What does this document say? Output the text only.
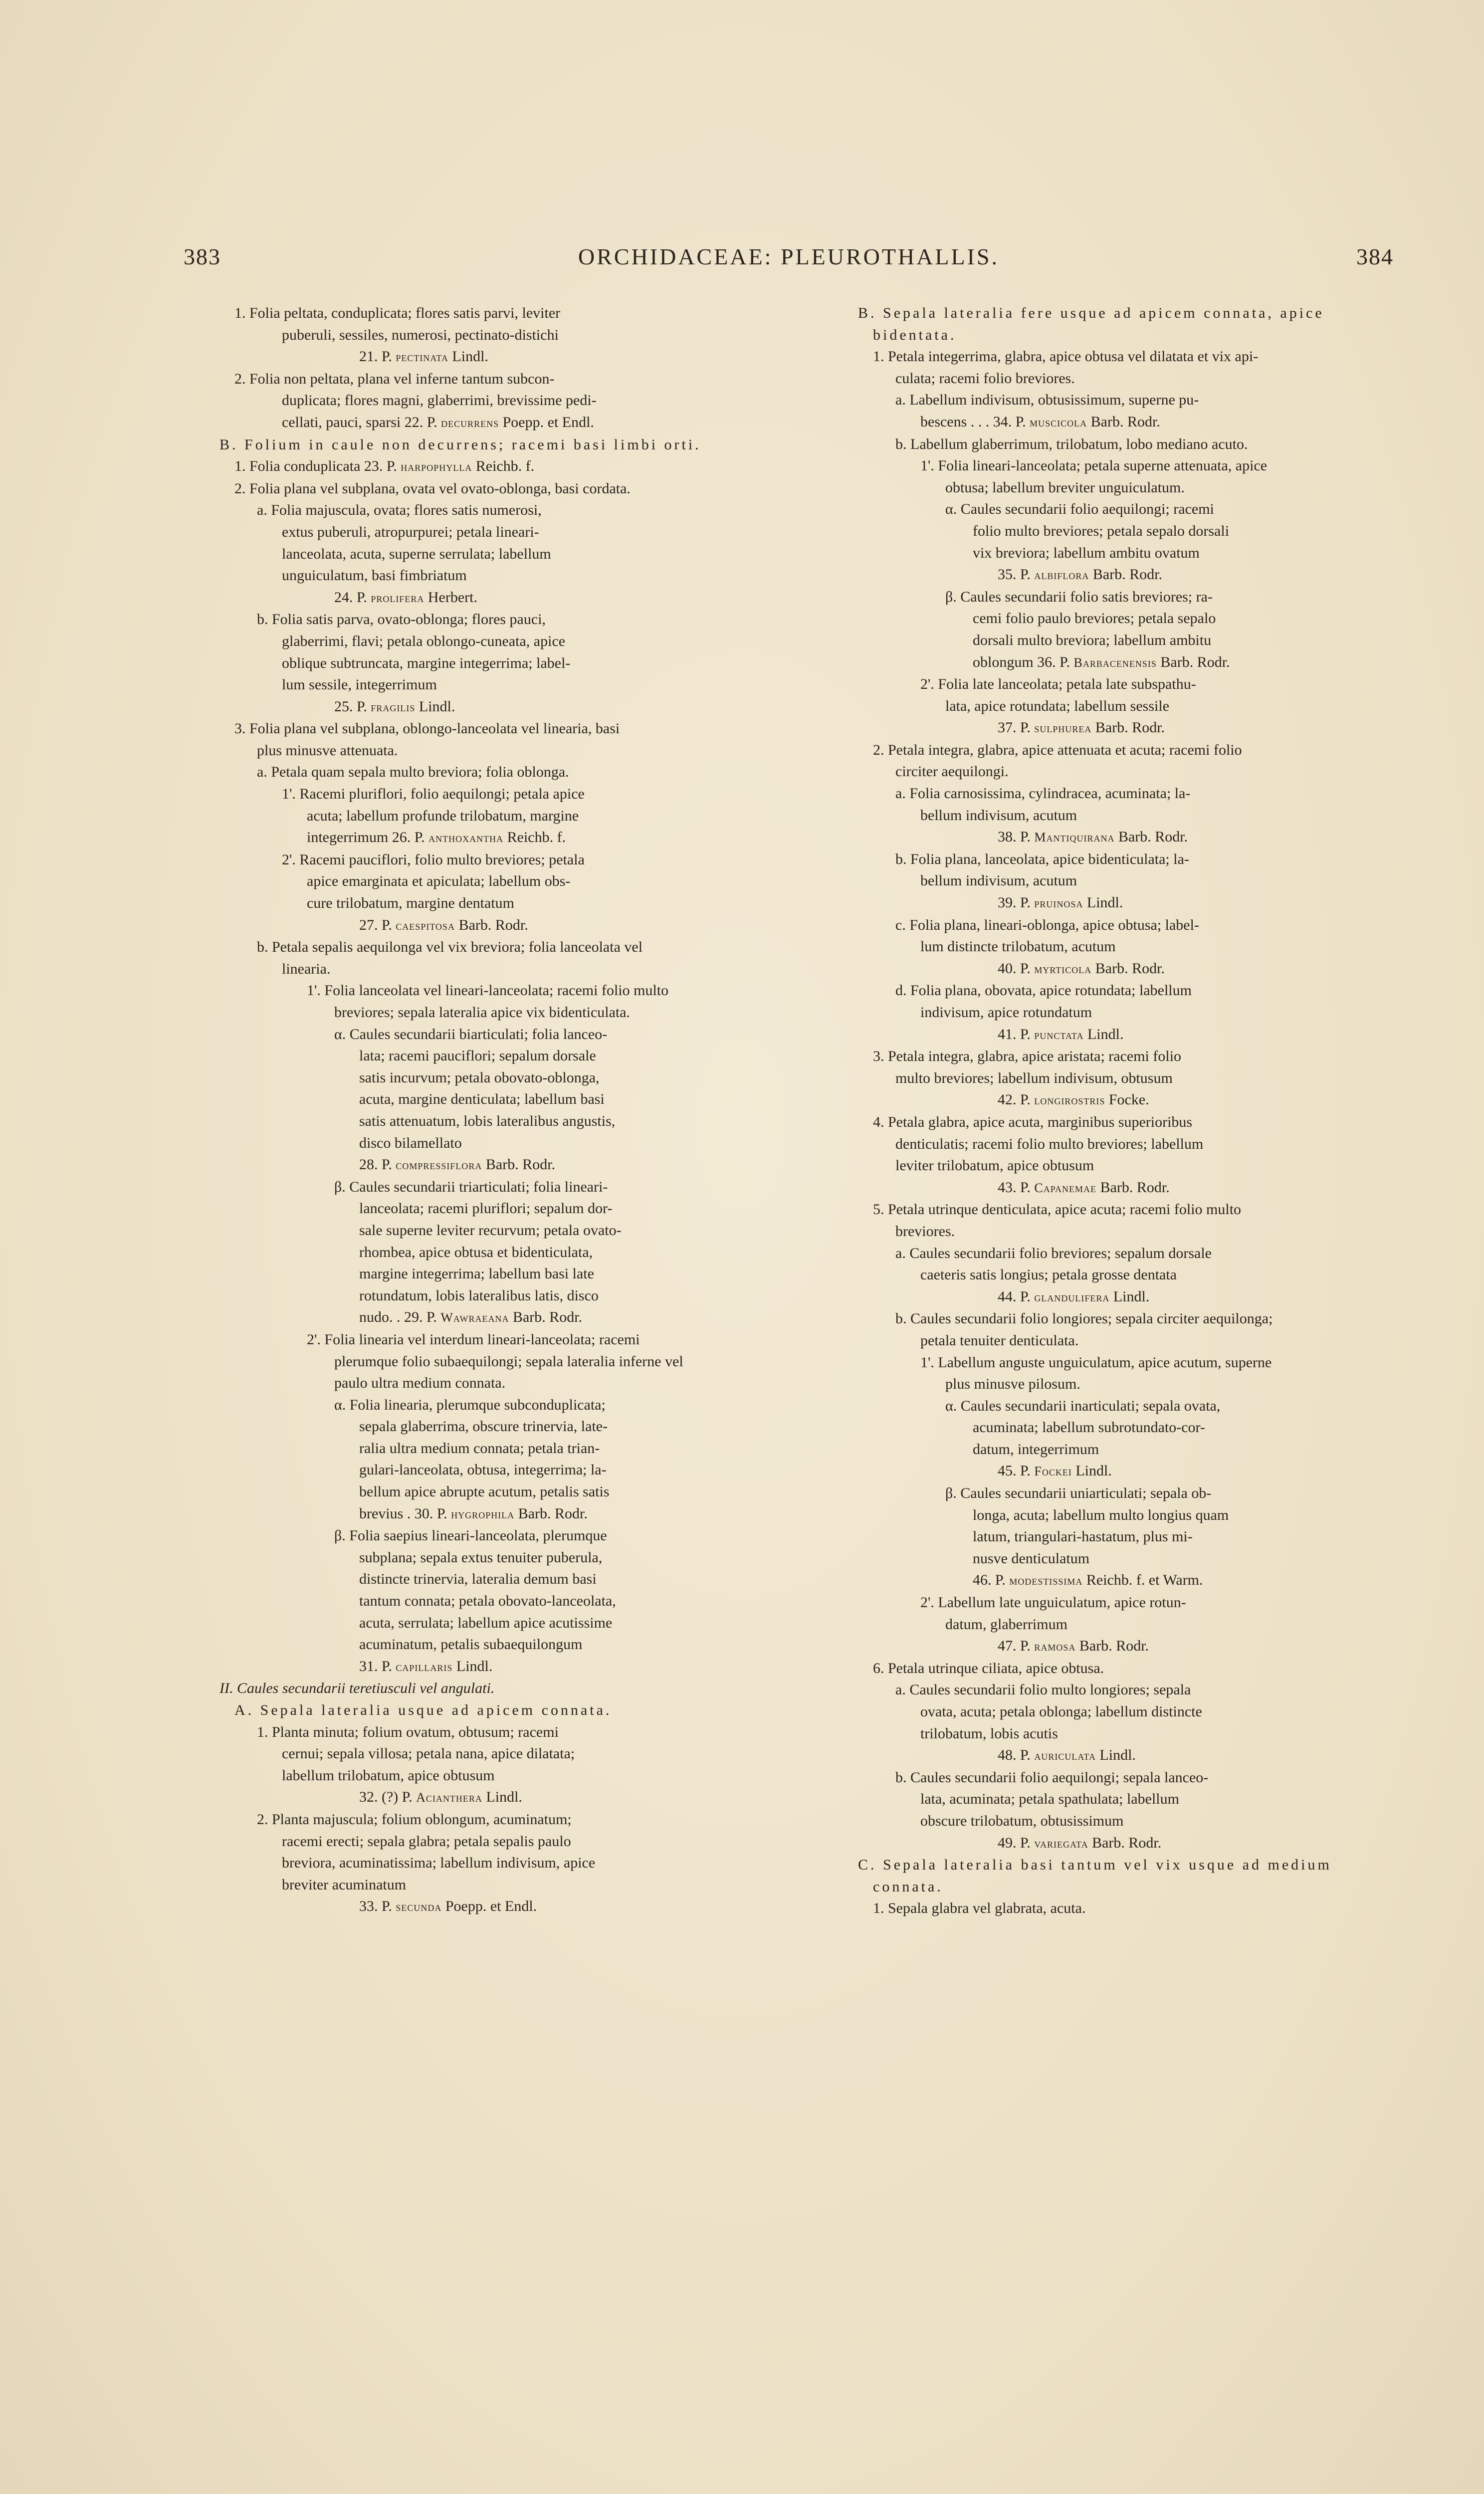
383	ORCHIDACEAE: PLEUROTHALLIS.	384
1. Folia peltata, conduplicata; flores satis parvi, leviter
puberuli, sessiles, numerosi, pectinato-distichi
21. P. pectinata Lindl.
2. Folia non peltata, plana vel inferne tantum subcon-
duplicata; flores magni, glaberrimi, brevissime pedi-
cellati, pauci, sparsi 22. P. decurrens Poepp. et Endl.
B. Folium in caule non decurrens; racemi basi limbi orti.
1. Folia conduplicata 23. P. harpophylla Reichb. f.
2. Folia plana vel subplana, ovata vel ovato-oblonga, basi cordata.
a. Folia majuscula, ovata; flores satis numerosi,
extus puberuli, atropurpurei; petala lineari-
lanceolata, acuta, superne serrulata; labellum
unguiculatum, basi fimbriatum
24. P. prolifera Herbert.
b. Folia satis parva, ovato-oblonga; flores pauci,
glaberrimi, flavi; petala oblongo-cuneata, apice
oblique subtruncata, margine integerrima; label-
lum sessile, integerrimum
25. P. fragilis Lindl.
3. Folia plana vel subplana, oblongo-lanceolata vel linearia, basi
plus minusve attenuata.
a. Petala quam sepala multo breviora; folia oblonga.
1'. Racemi pluriflori, folio aequilongi; petala apice
acuta; labellum profunde trilobatum, margine
integerrimum 26. P. anthoxantha Reichb. f.
2'. Racemi pauciflori, folio multo breviores; petala
apice emarginata et apiculata; labellum obs-
cure trilobatum, margine dentatum
27. P. caespitosa Barb. Rodr.
b. Petala sepalis aequilonga vel vix breviora; folia lanceolata vel
linearia.
1'. Folia lanceolata vel lineari-lanceolata; racemi folio multo
breviores; sepala lateralia apice vix bidenticulata.
α. Caules secundarii biarticulati; folia lanceo-
lata; racemi pauciflori; sepalum dorsale
satis incurvum; petala obovato-oblonga,
acuta, margine denticulata; labellum basi
satis attenuatum, lobis lateralibus angustis,
disco bilamellato
28. P. compressiflora Barb. Rodr.
β. Caules secundarii triarticulati; folia lineari-
lanceolata; racemi pluriflori; sepalum dor-
sale superne leviter recurvum; petala ovato-
rhombea, apice obtusa et bidenticulata,
margine integerrima; labellum basi late
rotundatum, lobis lateralibus latis, disco
nudo. . 29. P. Wawraeana Barb. Rodr.
2'. Folia linearia vel interdum lineari-lanceolata; racemi
plerumque folio subaequilongi; sepala lateralia inferne vel
paulo ultra medium connata.
α. Folia linearia, plerumque subconduplicata;
sepala glaberrima, obscure trinervia, late-
ralia ultra medium connata; petala trian-
gulari-lanceolata, obtusa, integerrima; la-
bellum apice abrupte acutum, petalis satis
brevius . 30. P. hygrophila Barb. Rodr.
β. Folia saepius lineari-lanceolata, plerumque
subplana; sepala extus tenuiter puberula,
distincte trinervia, lateralia demum basi
tantum connata; petala obovato-lanceolata,
acuta, serrulata; labellum apice acutissime
acuminatum, petalis subaequilongum
31. P. capillaris Lindl.
II. Caules secundarii teretiusculi vel angulati.
A. Sepala lateralia usque ad apicem connata.
1. Planta minuta; folium ovatum, obtusum; racemi
cernui; sepala villosa; petala nana, apice dilatata;
labellum trilobatum, apice obtusum
32. (?) P. Acianthera Lindl.
2. Planta majuscula; folium oblongum, acuminatum;
racemi erecti; sepala glabra; petala sepalis paulo
breviora, acuminatissima; labellum indivisum, apice
breviter acuminatum
33. P. secunda Poepp. et Endl.
B. Sepala lateralia fere usque ad apicem connata, apice
bidentata.
1. Petala integerrima, glabra, apice obtusa vel dilatata et vix api-
culata; racemi folio breviores.
a. Labellum indivisum, obtusissimum, superne pu-
bescens . . . 34. P. muscicola Barb. Rodr.
b. Labellum glaberrimum, trilobatum, lobo mediano acuto.
1'. Folia lineari-lanceolata; petala superne attenuata, apice
obtusa; labellum breviter unguiculatum.
α. Caules secundarii folio aequilongi; racemi
folio multo breviores; petala sepalo dorsali
vix breviora; labellum ambitu ovatum
35. P. albiflora Barb. Rodr.
β. Caules secundarii folio satis breviores; ra-
cemi folio paulo breviores; petala sepalo
dorsali multo breviora; labellum ambitu
oblongum 36. P. Barbacenensis Barb. Rodr.
2'. Folia late lanceolata; petala late subspathu-
lata, apice rotundata; labellum sessile
37. P. sulphurea Barb. Rodr.
2. Petala integra, glabra, apice attenuata et acuta; racemi folio
circiter aequilongi.
a. Folia carnosissima, cylindracea, acuminata; la-
bellum indivisum, acutum
38. P. Mantiquirana Barb. Rodr.
b. Folia plana, lanceolata, apice bidenticulata; la-
bellum indivisum, acutum
39. P. pruinosa Lindl.
c. Folia plana, lineari-oblonga, apice obtusa; label-
lum distincte trilobatum, acutum
40. P. myrticola Barb. Rodr.
d. Folia plana, obovata, apice rotundata; labellum
indivisum, apice rotundatum
41. P. punctata Lindl.
3. Petala integra, glabra, apice aristata; racemi folio
multo breviores; labellum indivisum, obtusum
42. P. longirostris Focke.
4. Petala glabra, apice acuta, marginibus superioribus
denticulatis; racemi folio multo breviores; labellum
leviter trilobatum, apice obtusum
43. P. Capanemae Barb. Rodr.
5. Petala utrinque denticulata, apice acuta; racemi folio multo
breviores.
a. Caules secundarii folio breviores; sepalum dorsale
caeteris satis longius; petala grosse dentata
44. P. glandulifera Lindl.
b. Caules secundarii folio longiores; sepala circiter aequilonga;
petala tenuiter denticulata.
1'. Labellum anguste unguiculatum, apice acutum, superne
plus minusve pilosum.
α. Caules secundarii inarticulati; sepala ovata,
acuminata; labellum subrotundato-cor-
datum, integerrimum
45. P. Fockei Lindl.
β. Caules secundarii uniarticulati; sepala ob-
longa, acuta; labellum multo longius quam
latum, triangulari-hastatum, plus mi-
nusve denticulatum
46. P. modestissima Reichb. f. et Warm.
2'. Labellum late unguiculatum, apice rotun-
datum, glaberrimum
47. P. ramosa Barb. Rodr.
6. Petala utrinque ciliata, apice obtusa.
a. Caules secundarii folio multo longiores; sepala
ovata, acuta; petala oblonga; labellum distincte
trilobatum, lobis acutis
48. P. auriculata Lindl.
b. Caules secundarii folio aequilongi; sepala lanceo-
lata, acuminata; petala spathulata; labellum
obscure trilobatum, obtusissimum
49. P. variegata Barb. Rodr.
C. Sepala lateralia basi tantum vel vix usque ad medium
connata.
1. Sepala glabra vel glabrata, acuta.
